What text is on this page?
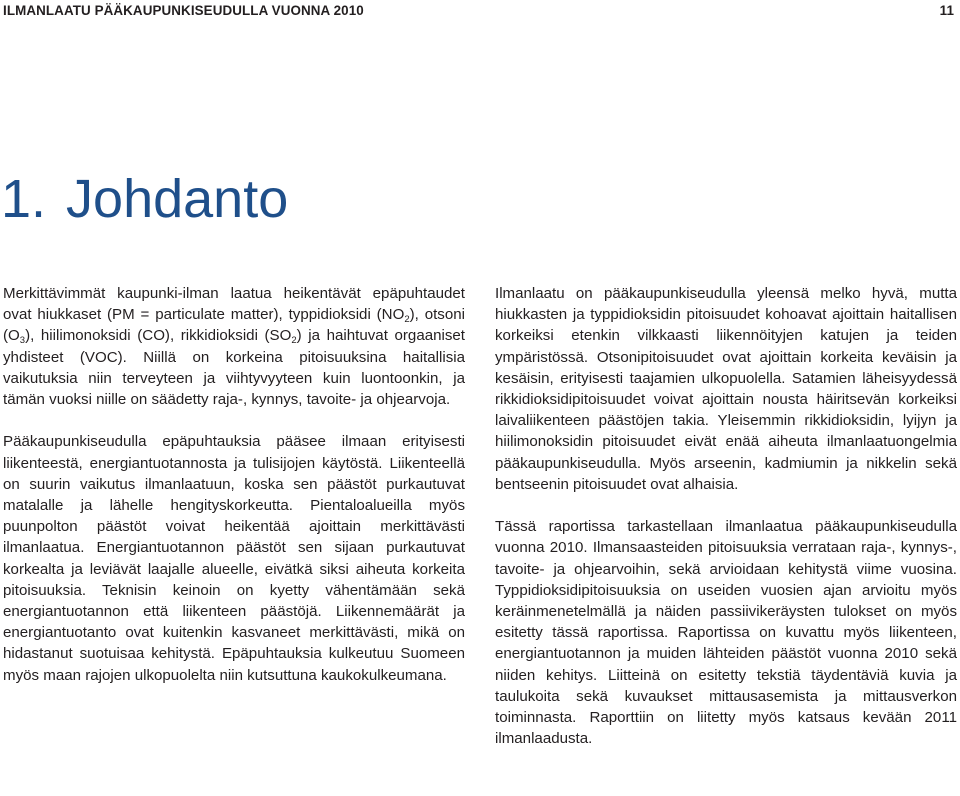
ILMANLAATU PÄÄKAUPUNKISEUDULLA VUONNA 2010	11
1. Johdanto

Merkittävimmät kaupunki-ilman laatua heikentävät epäpuhtaudet ovat hiukkaset (PM = particulate matter), typpidioksidi $(NO_2)$, otsoni $(O_3)$, hiilimonoksidi (CO), rikkidioksidi $(SO_2)$ ja haihtuvat orgaaniset yhdisteet (VOC). Niillä on korkeina pitoisuuksina haitallisia vaikutuksia niin terveyteen ja viihtyvyyteen kuin luontoonkin, ja tämän vuoksi niille on säädetty raja-, kynnys, tavoite- ja ohjearvoja.

Pääkaupunkiseudulla epäpuhtauksia pääsee ilmaan erityisesti liikenteestä, energiantuotannosta ja tulisijojen käytöstä. Liikenteellä on suurin vaikutus ilmanlaatuun, koska sen päästöt purkautuvat matalalle ja lähelle hengityskorkeutta. Pientaloalueilla myös puunpolton päästöt voivat heikentää ajoittain merkittävästi ilmanlaatua. Energiantuotannon päästöt sen sijaan purkautuvat korkealta ja leviävät laajalle alueelle, eivätkä siksi aiheuta korkeita pitoisuuksia. Teknisin keinoin on kyetty vähentämään sekä energiantuotannon että liikenteen päästöjä. Liikennemäärät ja energiantuotanto ovat kuitenkin kasvaneet merkittävästi, mikä on hidastanut suotuisaa kehitystä. Epäpuhtauksia kulkeutuu Suomeen myös maan rajojen ulkopuolelta niin kutsuttuna kaukokulkeumana.

Ilmanlaatu on pääkaupunkiseudulla yleensä melko hyvä, mutta hiukkasten ja typpidioksidin pitoisuudet kohoavat ajoittain haitallisen korkeiksi etenkin vilkkaasti liikennöityjen katujen ja teiden ympäristössä. Otsonipitoisuudet ovat ajoittain korkeita keväisin ja kesäisin, erityisesti taajamien ulkopuolella. Satamien läheisyydessä rikkidioksidipitoisuudet voivat ajoittain nousta häiritsevän korkeiksi laivaliikenteen päästöjen takia. Yleisemmin rikkidioksidin, lyijyn ja hiilimonoksidin pitoisuudet eivät enää aiheuta ilmanlaatuongelmia pääkaupunkiseudulla. Myös arseenin, kadmiumin ja nikkelin sekä bentseenin pitoisuudet ovat alhaisia.

Tässä raportissa tarkastellaan ilmanlaatua pääkaupunkiseudulla vuonna 2010. Ilmansaasteiden pitoisuuksia verrataan raja-, kynnys-, tavoite- ja ohjearvoihin, sekä arvioidaan kehitystä viime vuosina. Typpidioksidipitoisuuksia on useiden vuosien ajan arvioitu myös keräinmenetelmällä ja näiden passiivikeräysten tulokset on myös esitetty tässä raportissa. Raportissa on kuvattu myös liikenteen, energiantuotannon ja muiden lähteiden päästöt vuonna 2010 sekä niiden kehitys. Liitteinä on esitetty tekstiä täydentäviä kuvia ja taulukoita sekä kuvaukset mittausasemista ja mittausverkon toiminnasta. Raporttiin on liitetty myös katsaus kevään 2011 ilmanlaadusta.
